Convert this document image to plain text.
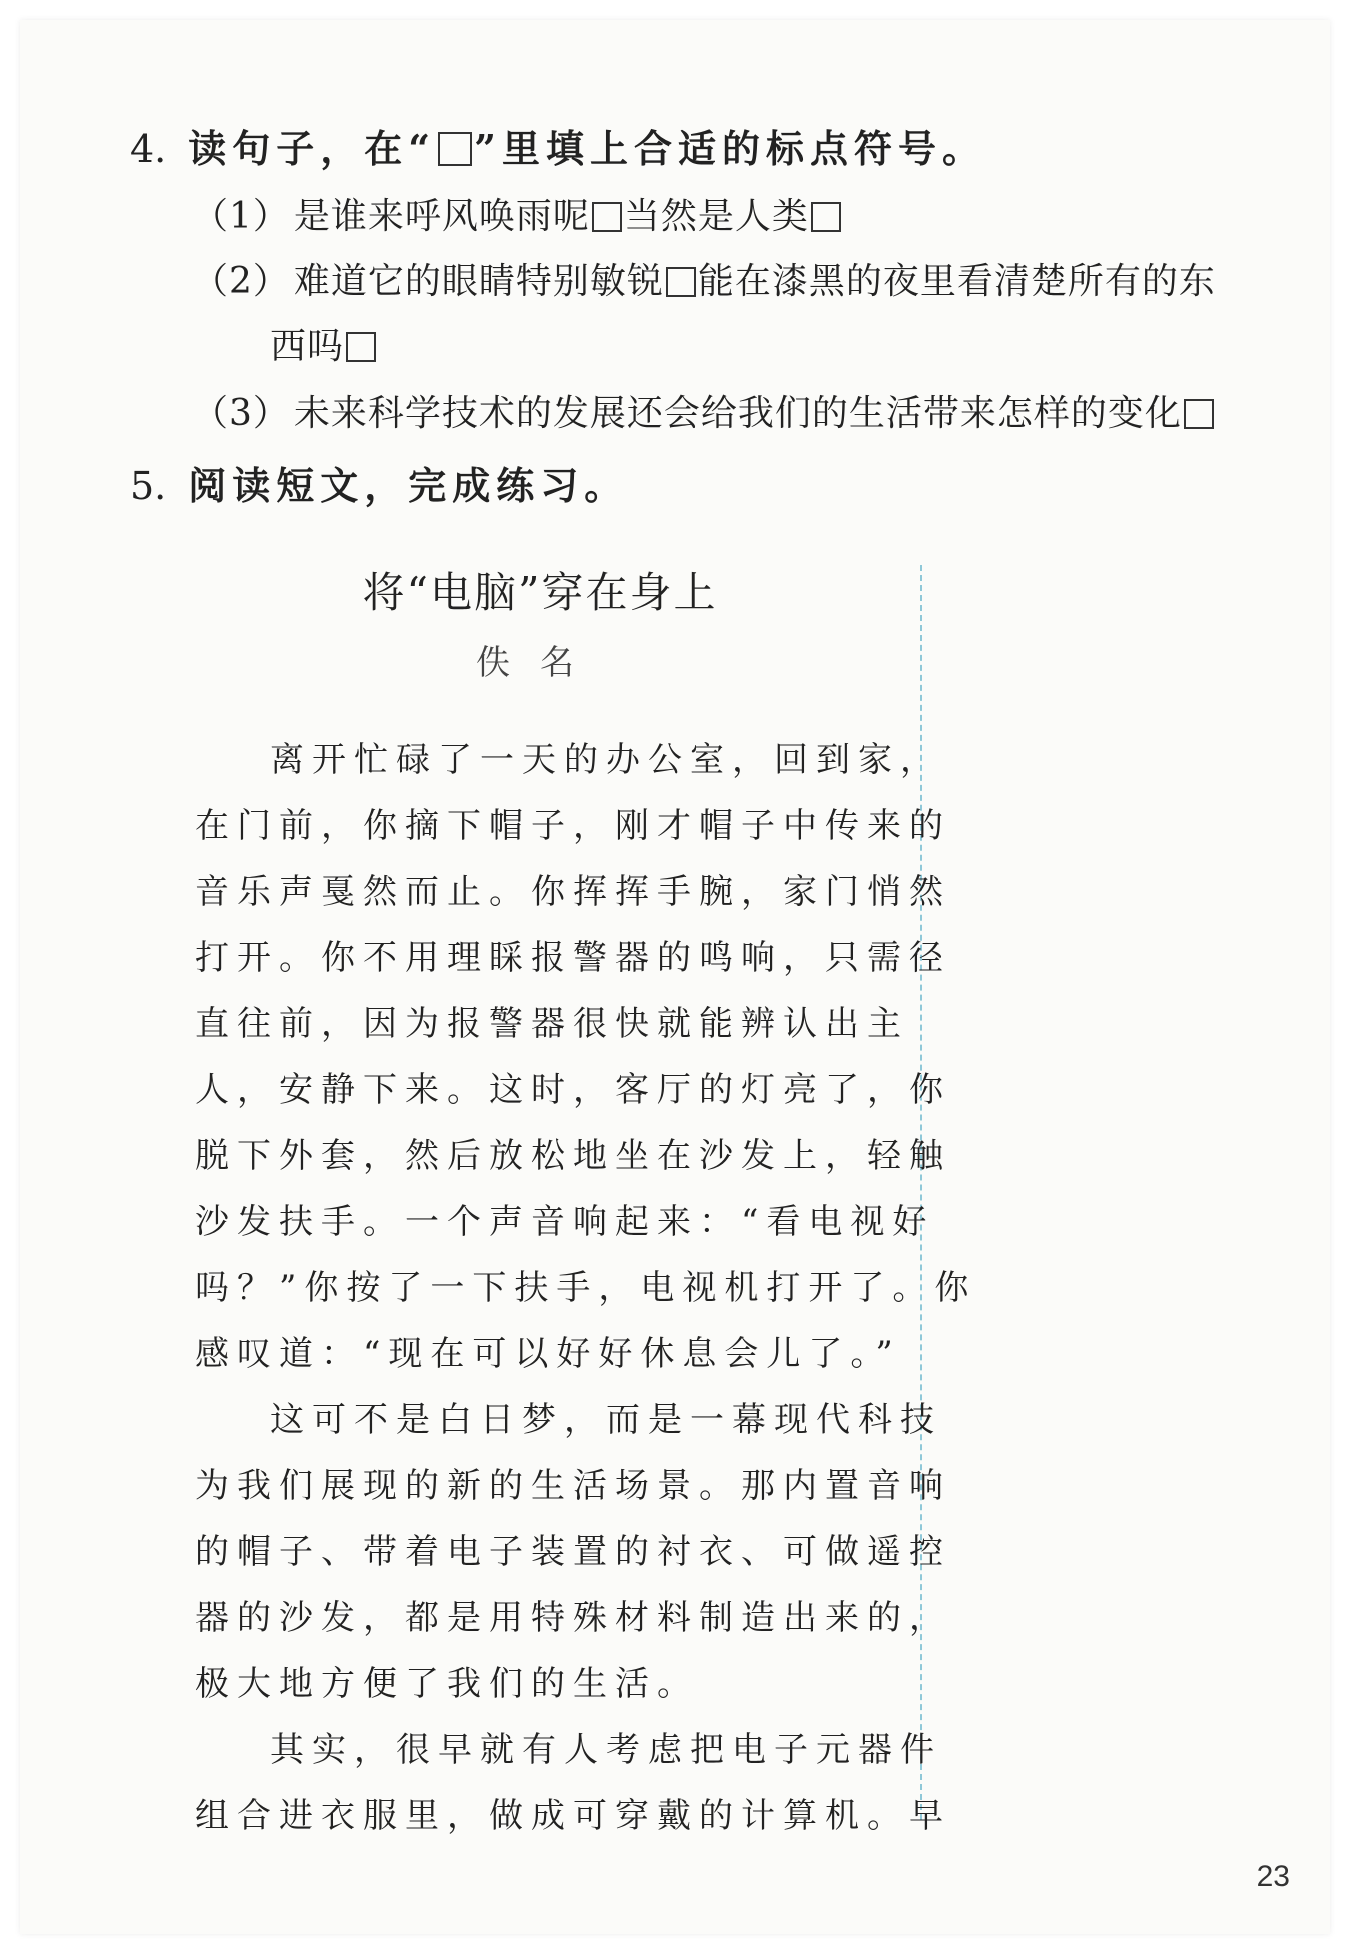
4. 读句子，在“ ”里填上合适的标点符号。
（1） 是谁来呼风唤雨呢 当然是人类
（2） 难道它的眼睛特别敏锐 能在漆黑的夜里看清楚所有的东
西吗
（3） 未来科学技术的发展还会给我们的生活带来怎样的变化
5. 阅读短文，完成练习。
将“电脑”穿在身上
佚名
离开忙碌了一天的办公室，回到家，
在门前，你摘下帽子，刚才帽子中传来的
音乐声戛然而止。你挥挥手腕，家门悄然
打开。你不用理睬报警器的鸣响，只需径
直往前，因为报警器很快就能辨认出主
人，安静下来。这时，客厅的灯亮了，你
脱下外套，然后放松地坐在沙发上，轻触
沙发扶手。一个声音响起来：“看电视好
吗？”你按了一下扶手，电视机打开了。你
感叹道：“现在可以好好休息会儿了。”
这可不是白日梦，而是一幕现代科技
为我们展现的新的生活场景。那内置音响
的帽子、带着电子装置的衬衣、可做遥控
器的沙发，都是用特殊材料制造出来的，
极大地方便了我们的生活。
其实，很早就有人考虑把电子元器件
组合进衣服里，做成可穿戴的计算机。早
23
